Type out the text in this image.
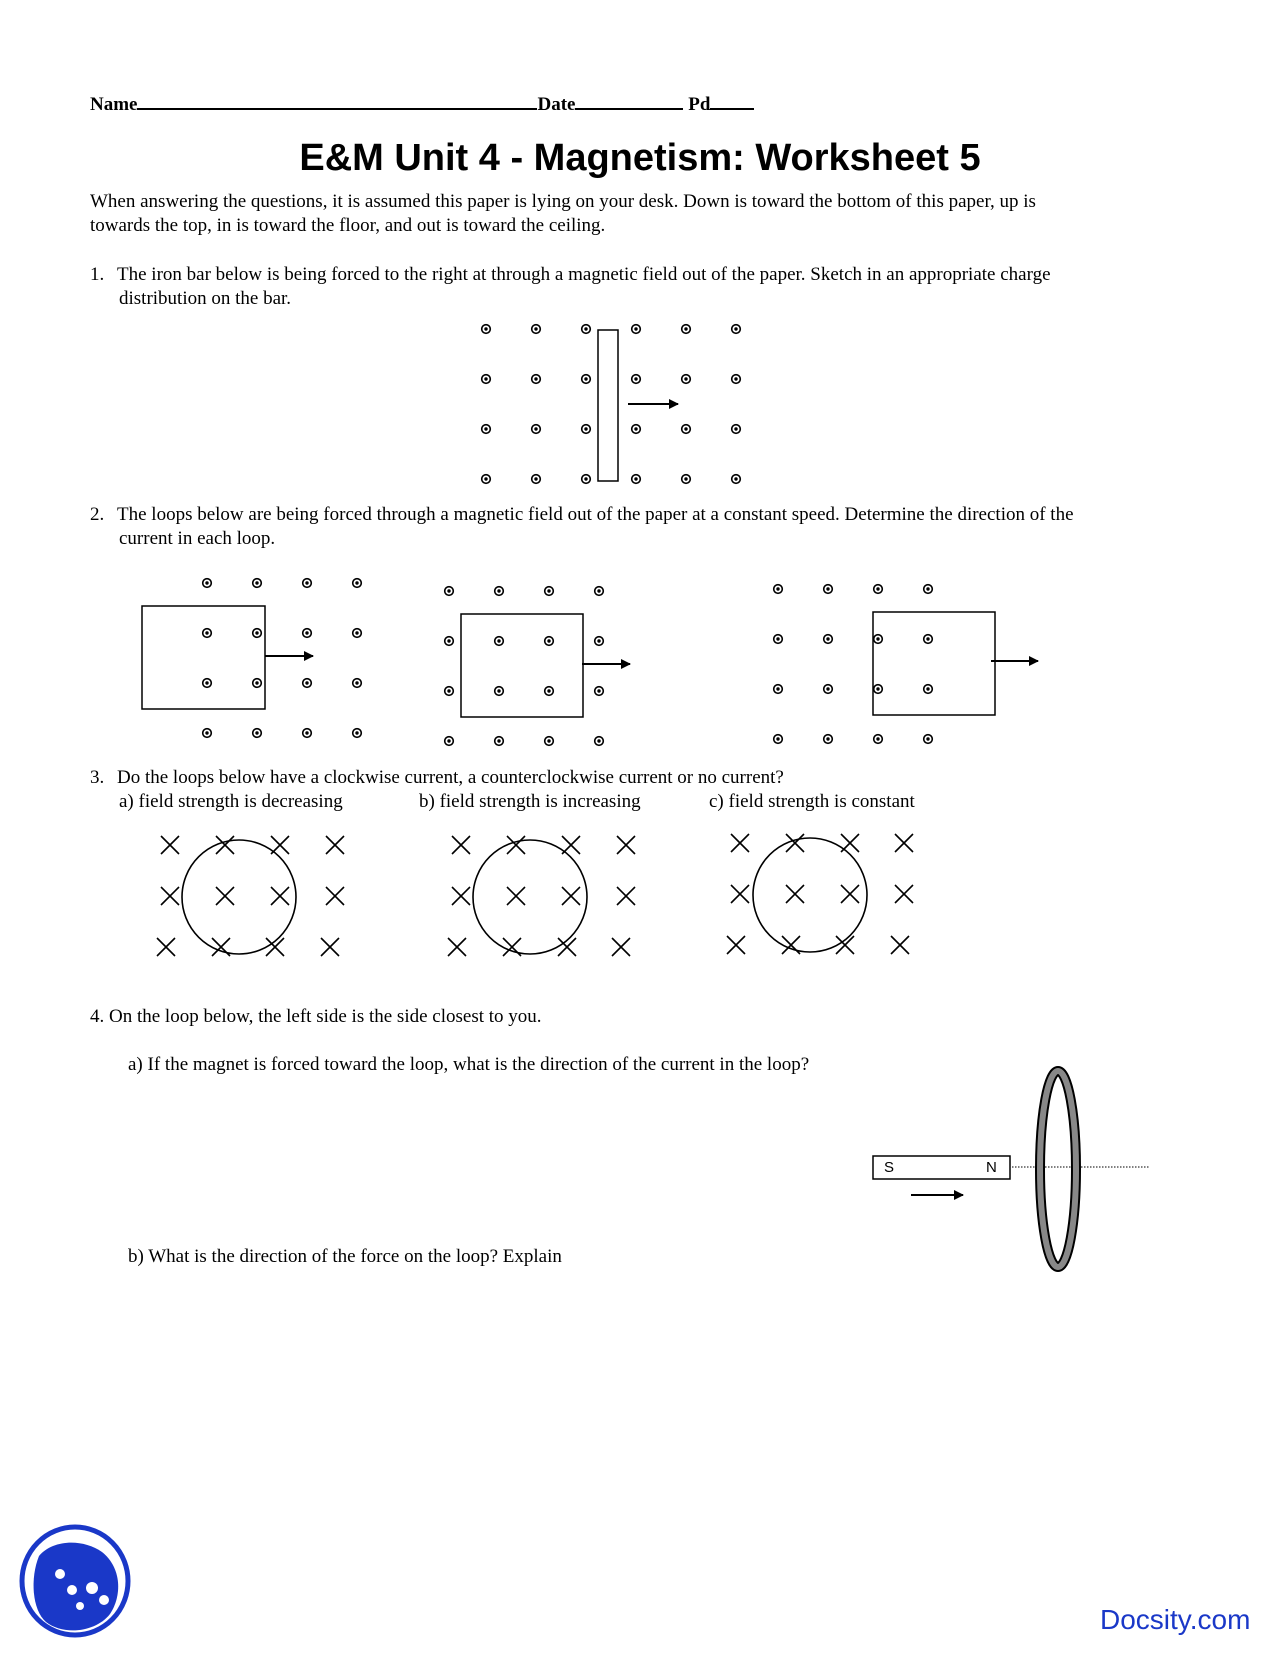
Name	Date	Pd
E&M Unit 4 - Magnetism: Worksheet 5
When answering the questions, it is assumed this paper is lying on your desk. Down is toward the bottom of this paper, up is
towards the top, in is toward the floor, and out is toward the ceiling.
1. The iron bar below is being forced to the right at through a magnetic field out of the paper. Sketch in an appropriate charge
distribution on the bar.
2. The loops below are being forced through a magnetic field out of the paper at a constant speed. Determine the direction of the
current in each loop.
3. Do the loops below have a clockwise current, a counterclockwise current or no current?
a) field strength is decreasing	b) field strength is increasing	c) field strength is constant
4. On the loop below, the left side is the side closest to you.
a) If the magnet is forced toward the loop, what is the direction of the current in the loop?
b) What is the direction of the force on the loop? Explain
S	N
Docsity.com
